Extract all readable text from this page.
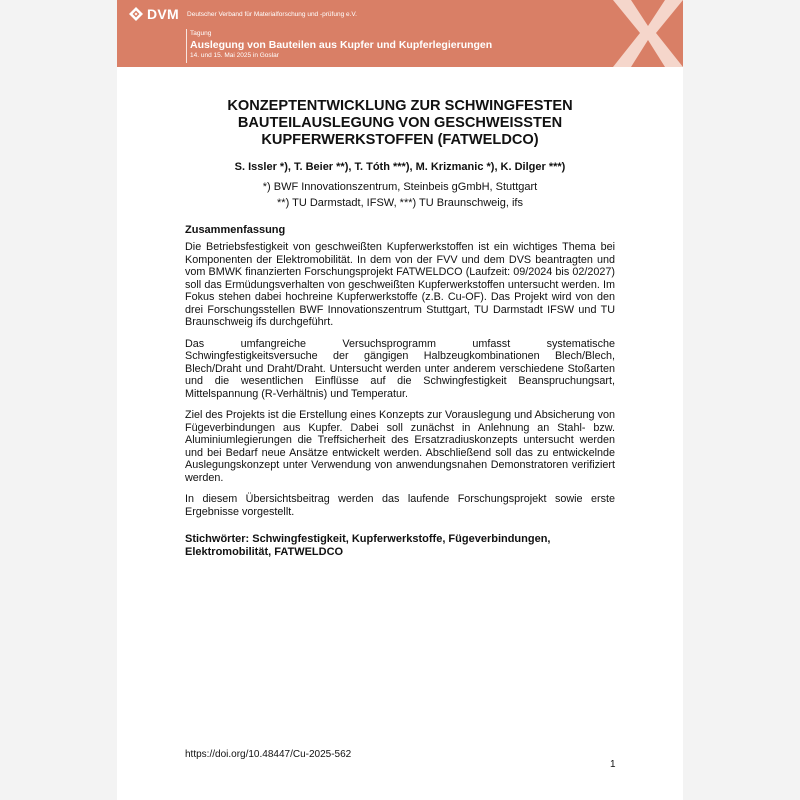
DVM Deutscher Verband für Materialforschung und -prüfung e.V.
Tagung
Auslegung von Bauteilen aus Kupfer und Kupferlegierungen
14. und 15. Mai 2025 in Goslar
KONZEPTENTWICKLUNG ZUR SCHWINGFESTEN
BAUTEILAUSLEGUNG VON GESCHWEISSTEN
KUPFERWERKSTOFFEN (FATWELDCO)
S. Issler *), T. Beier **), T. Tóth ***), M. Krizmanic *), K. Dilger ***)
*) BWF Innovationszentrum, Steinbeis gGmbH, Stuttgart
**) TU Darmstadt, IFSW, ***) TU Braunschweig, ifs
Zusammenfassung

Die Betriebsfestigkeit von geschweißten Kupferwerkstoffen ist ein wichtiges Thema bei Komponenten der Elektromobilität. In dem von der FVV und dem DVS beantragten und vom BMWK finanzierten Forschungsprojekt FATWELDCO (Laufzeit: 09/2024 bis 02/2027) soll das Ermüdungsverhalten von geschweißten Kupferwerkstoffen untersucht werden. Im Fokus stehen dabei hochreine Kupferwerkstoffe (z.B. Cu-OF). Das Projekt wird von den drei Forschungsstellen BWF Innovationszentrum Stuttgart, TU Darmstadt IFSW und TU Braunschweig ifs durchgeführt.

Das umfangreiche Versuchsprogramm umfasst systematische Schwingfestigkeitsversuche der gängigen Halbzeugkombinationen Blech/Blech, Blech/Draht und Draht/Draht. Untersucht werden unter anderem verschiedene Stoßarten und die wesentlichen Einflüsse auf die Schwingfestigkeit Beanspruchungsart, Mittelspannung (R-Verhältnis) und Temperatur.

Ziel des Projekts ist die Erstellung eines Konzepts zur Vorauslegung und Absicherung von Fügeverbindungen aus Kupfer. Dabei soll zunächst in Anlehnung an Stahl- bzw. Aluminiumlegierungen die Treffsicherheit des Ersatzradiuskonzepts untersucht werden und bei Bedarf neue Ansätze entwickelt werden. Abschließend soll das zu entwickelnde Auslegungskonzept unter Verwendung von anwendungsnahen Demonstratoren verifiziert werden.

In diesem Übersichtsbeitrag werden das laufende Forschungsprojekt sowie erste Ergebnisse vorgestellt.

Stichwörter: Schwingfestigkeit, Kupferwerkstoffe, Fügeverbindungen, Elektromobilität, FATWELDCO
https://doi.org/10.48447/Cu-2025-562
1
